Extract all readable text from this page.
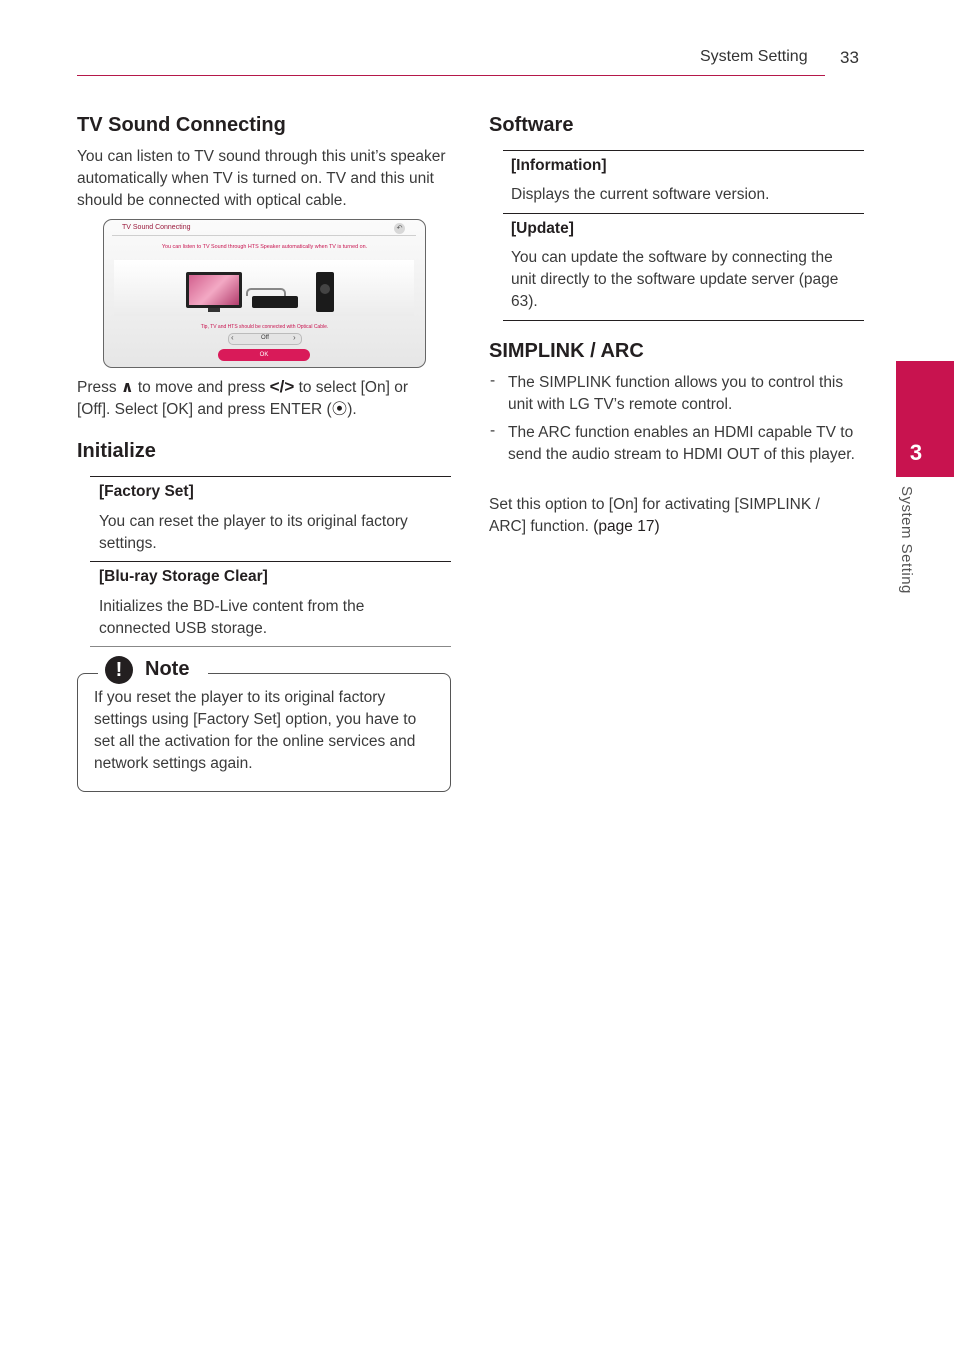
System Setting 33
3
System Setting
TV Sound Connecting

You can listen to TV sound through this unit’s speaker automatically when TV is turned on. TV and this unit should be connected with optical cable.

TV Sound Connecting	↶
You can listen to TV Sound through HTS Speaker automatically when TV is turned on.
Tip, TV and HTS should be connected with Optical Cable.
‹	Off	›
OK
Press ∧ to move and press </> to select [On] or
[Off]. Select [OK] and press ENTER (⦿).
Initialize
[Factory Set]

You can reset the player to its original factory settings.

[Blu-ray Storage Clear]

Initializes the BD-Live content from the connected USB storage.

!	Note

If you reset the player to its original factory settings using [Factory Set] option, you have to set all the activation for the online services and network settings again.

Software
[Information]

Displays the current software version.

[Update]

You can update the software by connecting the unit directly to the software update server (page 63).

SIMPLINK / ARC
- The SIMPLINK function allows you to control this unit with LG TV’s remote control.

- The ARC function enables an HDMI capable TV to send the audio stream to HDMI OUT of this player.

Set this option to [On] for activating [SIMPLINK / ARC] function. (page 17)
